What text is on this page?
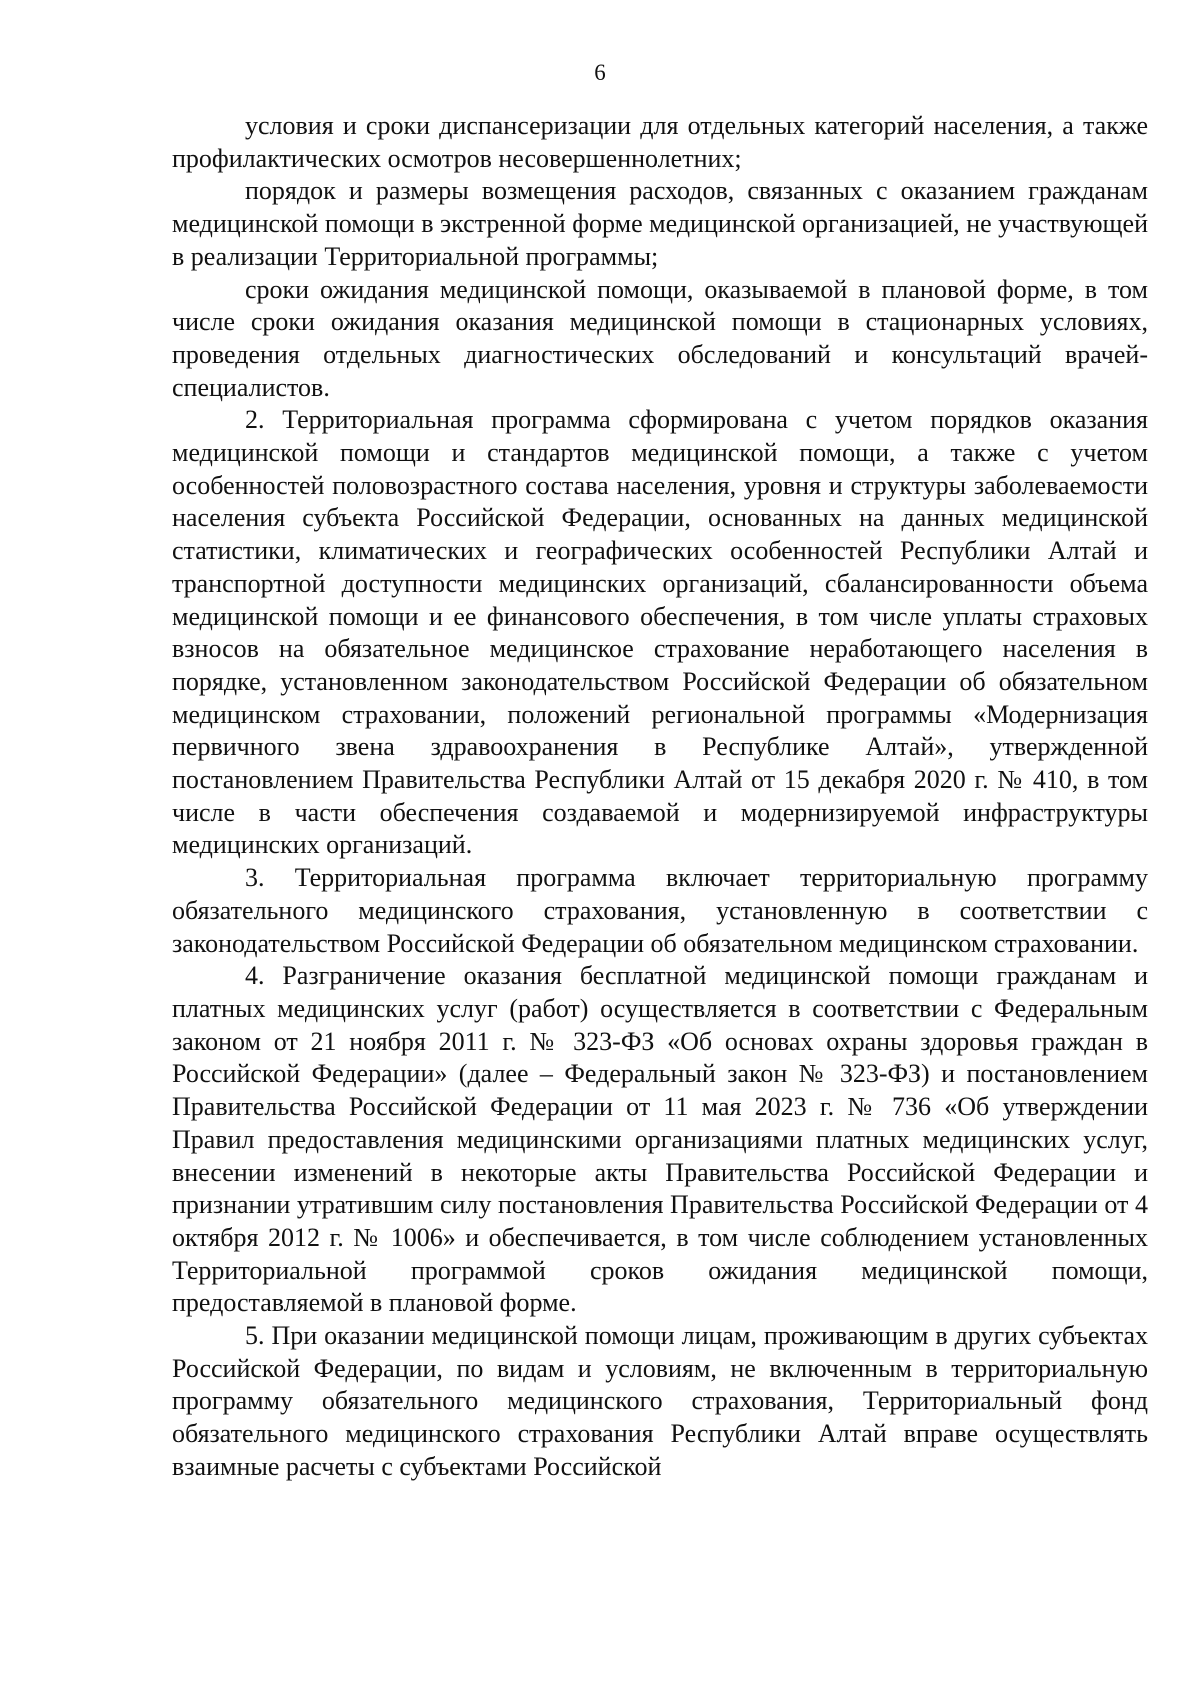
6

условия и сроки диспансеризации для отдельных категорий населения, а также профилактических осмотров несовершеннолетних;

порядок и размеры возмещения расходов, связанных с оказанием гражданам медицинской помощи в экстренной форме медицинской организацией, не участвующей в реализации Территориальной программы;

сроки ожидания медицинской помощи, оказываемой в плановой форме, в том числе сроки ожидания оказания медицинской помощи в стационарных условиях, проведения отдельных диагностических обследований и консультаций врачей-специалистов.

2. Территориальная программа сформирована с учетом порядков оказания медицинской помощи и стандартов медицинской помощи, а также с учетом особенностей половозрастного состава населения, уровня и структуры заболеваемости населения субъекта Российской Федерации, основанных на данных медицинской статистики, климатических и географических особенностей Республики Алтай и транспортной доступности медицинских организаций, сбалансированности объема медицинской помощи и ее финансового обеспечения, в том числе уплаты страховых взносов на обязательное медицинское страхование неработающего населения в порядке, установленном законодательством Российской Федерации об обязательном медицинском страховании, положений региональной программы «Модернизация первичного звена здравоохранения в Республике Алтай», утвержденной постановлением Правительства Республики Алтай от 15 декабря 2020 г. № 410, в том числе в части обеспечения создаваемой и модернизируемой инфраструктуры медицинских организаций.

3. Территориальная программа включает территориальную программу обязательного медицинского страхования, установленную в соответствии с законодательством Российской Федерации об обязательном медицинском страховании.

4. Разграничение оказания бесплатной медицинской помощи гражданам и платных медицинских услуг (работ) осуществляется в соответствии с Федеральным законом от 21 ноября 2011 г. № 323-ФЗ «Об основах охраны здоровья граждан в Российской Федерации» (далее – Федеральный закон № 323-ФЗ) и постановлением Правительства Российской Федерации от 11 мая 2023 г. № 736 «Об утверждении Правил предоставления медицинскими организациями платных медицинских услуг, внесении изменений в некоторые акты Правительства Российской Федерации и признании утратившим силу постановления Правительства Российской Федерации от 4 октября 2012 г. № 1006» и обеспечивается, в том числе соблюдением установленных Территориальной программой сроков ожидания медицинской помощи, предоставляемой в плановой форме.

5. При оказании медицинской помощи лицам, проживающим в других субъектах Российской Федерации, по видам и условиям, не включенным в территориальную программу обязательного медицинского страхования, Территориальный фонд обязательного медицинского страхования Республики Алтай вправе осуществлять взаимные расчеты с субъектами Российской
